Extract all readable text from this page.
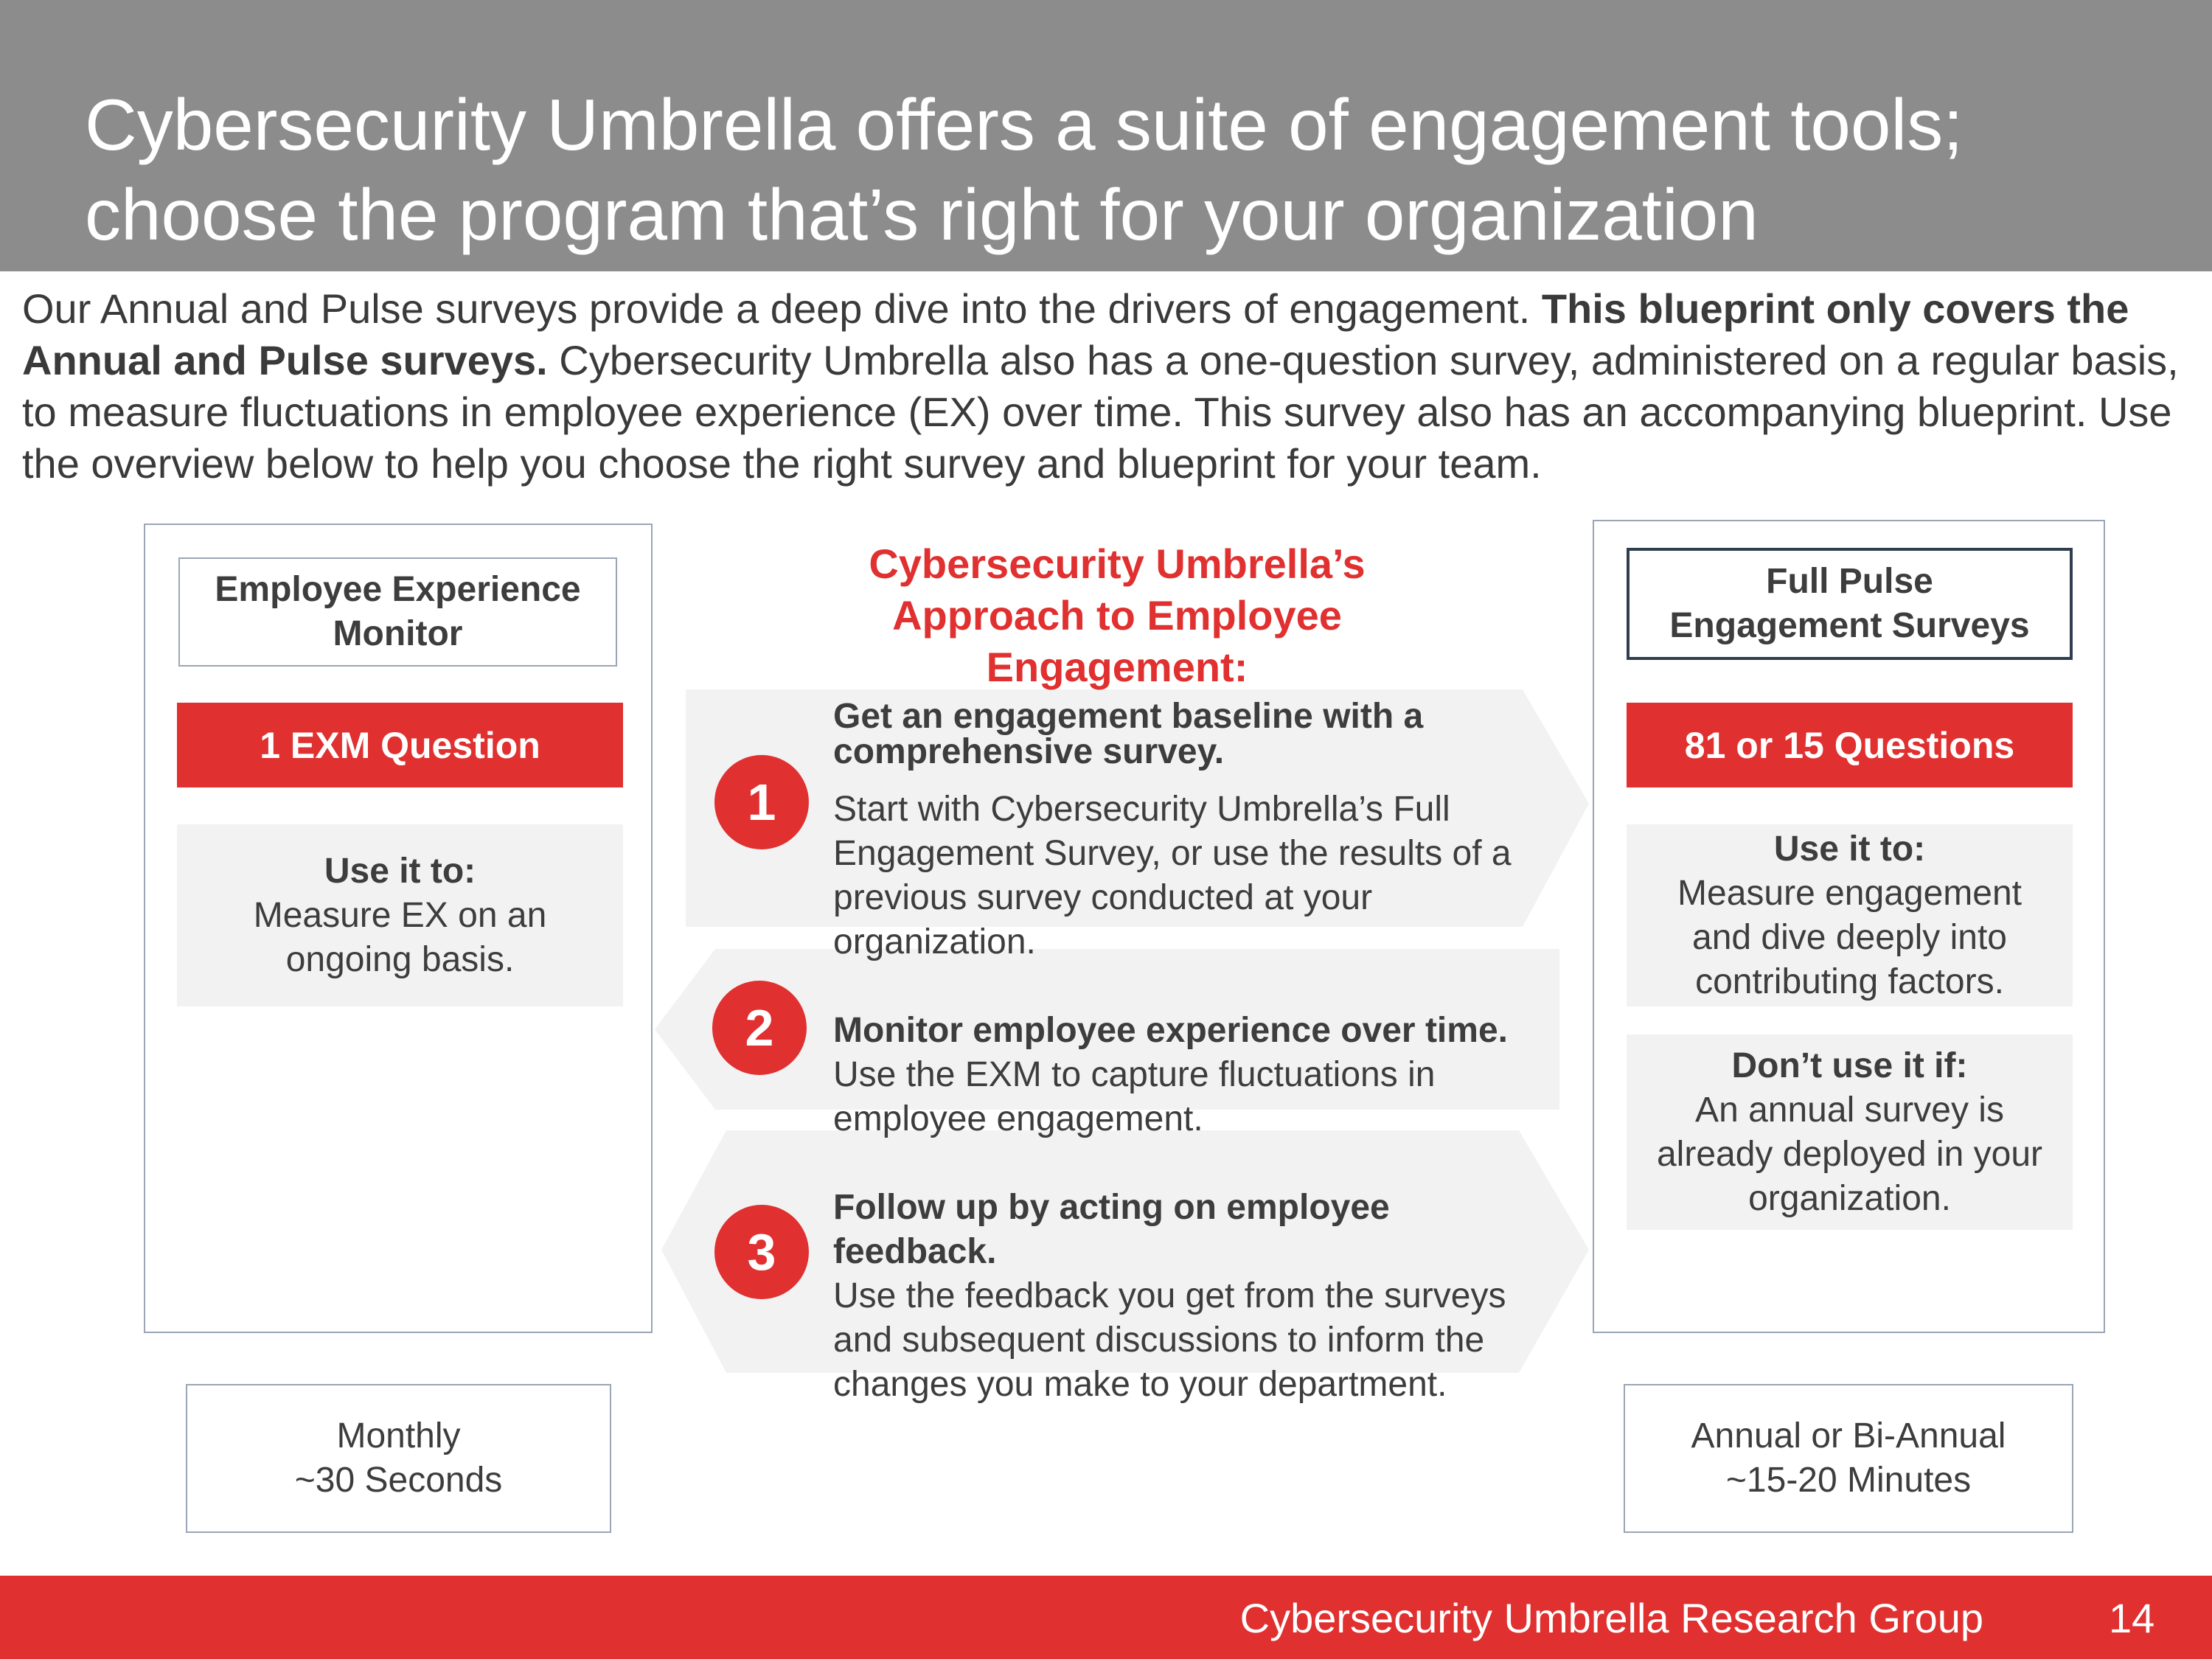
Cybersecurity Umbrella offers a suite of engagement tools;
choose the program that’s right for your organization
Our Annual and Pulse surveys provide a deep dive into the drivers of engagement. This blueprint only covers the Annual and Pulse surveys. Cybersecurity Umbrella also has a one-question survey, administered on a regular basis, to measure fluctuations in employee experience (EX) over time. This survey also has an accompanying blueprint. Use the overview below to help you choose the right survey and blueprint for your team.
Employee Experience
Monitor
1 EXM Question
Use it to:
Measure EX on an
ongoing basis.
Monthly
~30 Seconds
Full Pulse
Engagement Surveys
81 or 15 Questions
Use it to:
Measure engagement
and dive deeply into
contributing factors.
Don’t use it if:
An annual survey is
already deployed in your
organization.
Annual or Bi-Annual
~15-20 Minutes
Cybersecurity Umbrella’s
Approach to Employee
Engagement:
1
2
3
Get an engagement baseline with a comprehensive survey.
Start with Cybersecurity Umbrella’s Full Engagement Survey, or use the results of a previous survey conducted at your organization.
Monitor employee experience over time.
Use the EXM to capture fluctuations in employee engagement.
Follow up by acting on employee feedback.
Use the feedback you get from the surveys and subsequent discussions to inform the changes you make to your department.
Cybersecurity Umbrella Research Group	14
